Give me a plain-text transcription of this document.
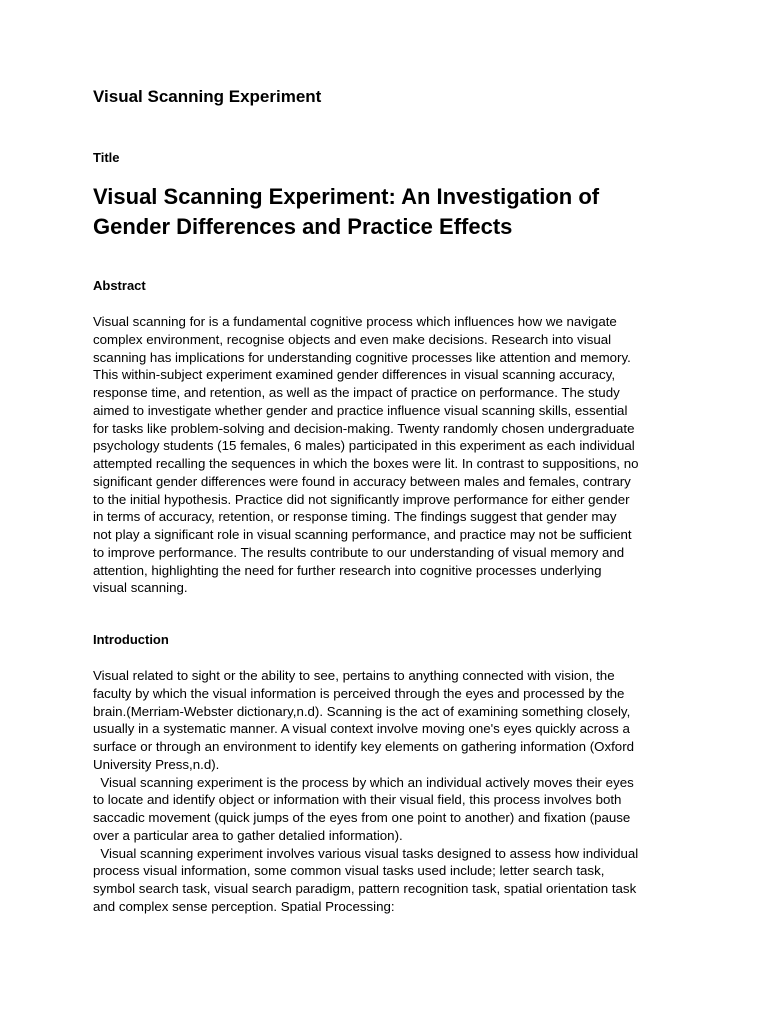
Visual Scanning Experiment
Title
Visual Scanning Experiment: An Investigation of
Gender Differences and Practice Effects
Abstract
Visual scanning for is a fundamental cognitive process which influences how we navigate
complex environment, recognise objects and even make decisions. Research into visual
scanning has implications for understanding cognitive processes like attention and memory.
This within-subject experiment examined gender differences in visual scanning accuracy,
response time, and retention, as well as the impact of practice on performance. The study
aimed to investigate whether gender and practice influence visual scanning skills, essential
for tasks like problem-solving and decision-making. Twenty randomly chosen undergraduate
psychology students (15 females, 6 males) participated in this experiment as each individual
attempted recalling the sequences in which the boxes were lit. In contrast to suppositions, no
significant gender differences were found in accuracy between males and females, contrary
to the initial hypothesis. Practice did not significantly improve performance for either gender
in terms of accuracy, retention, or response timing. The findings suggest that gender may
not play a significant role in visual scanning performance, and practice may not be sufficient
to improve performance. The results contribute to our understanding of visual memory and
attention, highlighting the need for further research into cognitive processes underlying
visual scanning.
Introduction
Visual related to sight or the ability to see, pertains to anything connected with vision, the
faculty by which the visual information is perceived through the eyes and processed by the
brain.(Merriam-Webster dictionary,n.d). Scanning is the act of examining something closely,
usually in a systematic manner. A visual context involve moving one's eyes quickly across a
surface or through an environment to identify key elements on gathering information (Oxford
University Press,n.d).
Visual scanning experiment is the process by which an individual actively moves their eyes
to locate and identify object or information with their visual field, this process involves both
saccadic movement (quick jumps of the eyes from one point to another) and fixation (pause
over a particular area to gather detalied information).
Visual scanning experiment involves various visual tasks designed to assess how individual
process visual information, some common visual tasks used include; letter search task,
symbol search task, visual search paradigm, pattern recognition task, spatial orientation task
and complex sense perception. Spatial Processing:
